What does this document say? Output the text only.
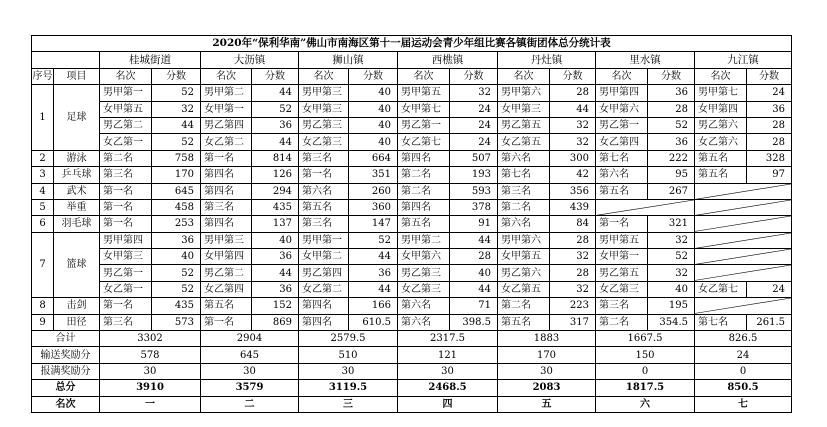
2020年“保利华南”佛山市南海区第十一届运动会青少年组比赛各镇街团体总分统计表															
		桂城街道		大沥镇		狮山镇		西樵镇		丹灶镇		里水镇		九江镇	
序号	项目	名次	分数	名次	分数	名次	分数	名次	分数	名次	分数	名次	分数	名次	分数
1	足球	男甲第一	52	男甲第二	44	男甲第三	40	男甲第五	32	男甲第六	28	男甲第四	36	男甲第七	24
		女甲第五	32	女甲第一	52	女甲第三	40	女甲第七	24	女甲第三	44	女甲第六	28	女甲第四	36
		男乙第二	44	男乙第四	36	男乙第三	40	男乙第一	24	男乙第五	32	男乙第一	52	男乙第六	28
		女乙第一	52	女乙第二	44	女乙第三	40	女乙第七	24	女乙第五	32	女乙第四	36	女乙第六	28
2	游泳	第二名	758	第一名	814	第三名	664	第四名	507	第六名	300	第七名	222	第五名	328
3	乒乓球	第三名	170	第四名	126	第一名	351	第二名	193	第七名	42	第六名	95	第五名	97
4	武术	第一名	645	第四名	294	第六名	260	第二名	593	第三名	356	第五名	267	

5	举重	第一名	458	第三名	435	第五名	360	第四名	378	第二名	439	

6	羽毛球	第一名	253	第四名	137	第三名	147	第五名	91	第六名	84	第一名	321	

7	篮球	男甲第四	36	男甲第三	40	男甲第一	52	男甲第二	44	男甲第六	28	男甲第五	32	

		女甲第三	40	女甲第四	36	女甲第二	44	女甲第六	28	女甲第五	32	女甲第一	52	

		男乙第一	52	男乙第二	44	男乙第四	36	男乙第三	40	男乙第六	28	男乙第五	32	

		女乙第一	52	女乙第四	36	女乙第二	44	女乙第三	44	女乙第五	32	女乙第三	40	女乙第七	24
8	击剑	第一名	435	第五名	152	第四名	166	第六名	71	第二名	223	第三名	195	

9	田径	第三名	573	第一名	869	第四名	610.5	第六名	398.5	第五名	317	第二名	354.5	第七名	261.5
合计		3302		2904		2579.5		2317.5		1883		1667.5		826.5	
输送奖励分		578		645		510		121		170		150		24	
报满奖励分		30		30		30		30		30		0		0	
总分		3910		3579		3119.5		2468.5		2083		1817.5		850.5	
名次		一		二		三		四		五		六		七	
